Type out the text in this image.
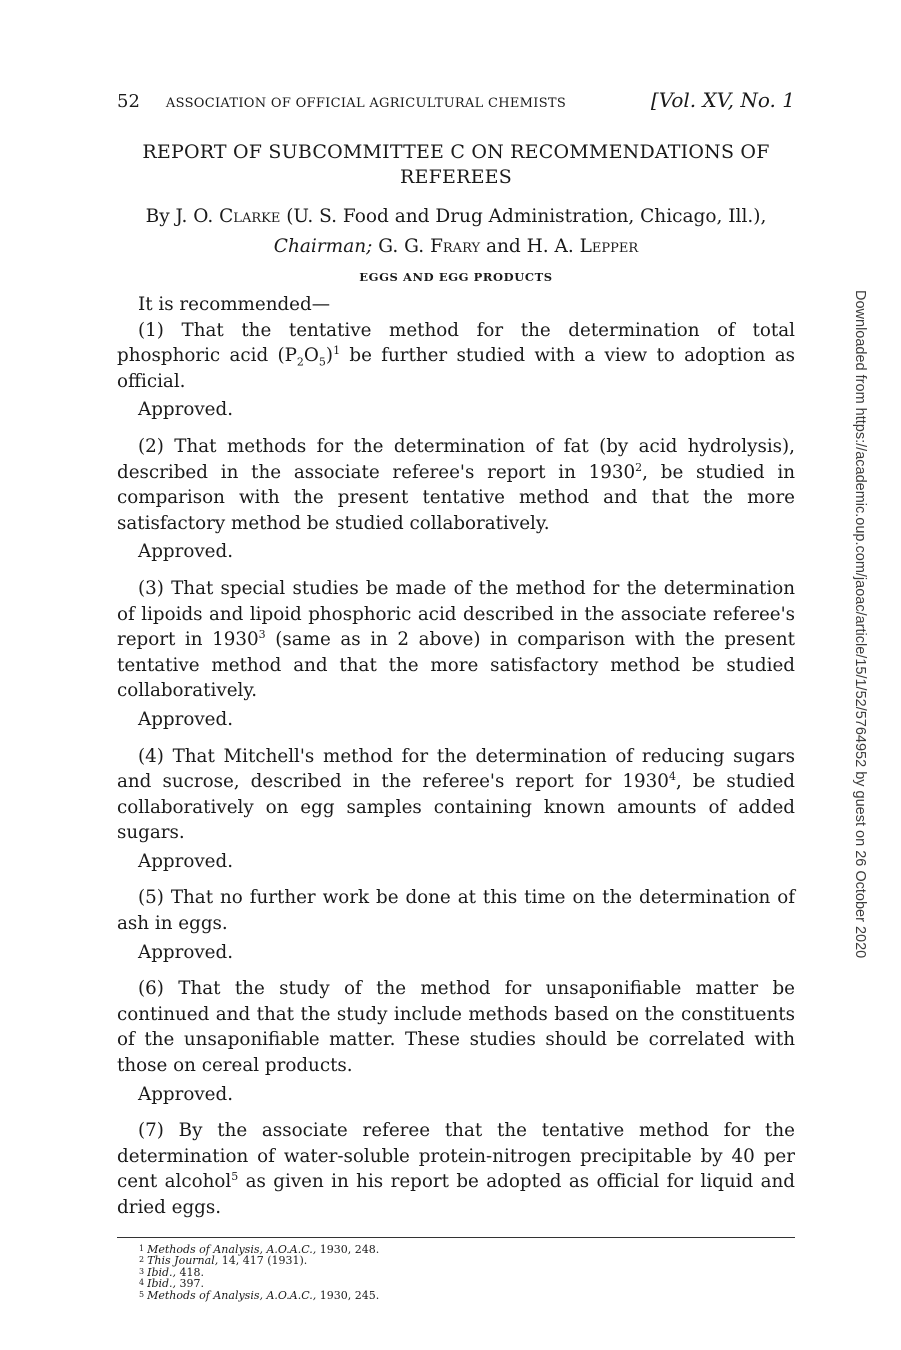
52 ASSOCIATION OF OFFICIAL AGRICULTURAL CHEMISTS	[Vol. XV, No. 1
REPORT OF SUBCOMMITTEE C ON RECOMMENDATIONS OF
REFEREES
By J. O. Clarke (U. S. Food and Drug Administration, Chicago, Ill.),
Chairman; G. G. Frary and H. A. Lepper
EGGS AND EGG PRODUCTS

It is recommended—

(1) That the tentative method for the determination of total phosphoric acid $(P_2O_5)^1$ be further studied with a view to adoption as official.

Approved.

(2) That methods for the determination of fat (by acid hydrolysis), described in the associate referee's report in 1930$^2$, be studied in comparison with the present tentative method and that the more satisfactory method be studied collaboratively.

Approved.

(3) That special studies be made of the method for the determination of lipoids and lipoid phosphoric acid described in the associate referee's report in 1930$^3$ (same as in 2 above) in comparison with the present tentative method and that the more satisfactory method be studied collaboratively.

Approved.

(4) That Mitchell's method for the determination of reducing sugars and sucrose, described in the referee's report for 1930$^4$, be studied collaboratively on egg samples containing known amounts of added sugars.

Approved.

(5) That no further work be done at this time on the determination of ash in eggs.

Approved.

(6) That the study of the method for unsaponifiable matter be continued and that the study include methods based on the constituents of the unsaponifiable matter. These studies should be correlated with those on cereal products.

Approved.

(7) By the associate referee that the tentative method for the determination of water-soluble protein-nitrogen precipitable by 40 per cent alcohol$^5$ as given in his report be adopted as official for liquid and dried eggs.

$^1$ Methods of Analysis, A.O.A.C., 1930, 248.
$^2$ This Journal, 14, 417 (1931).
$^3$ Ibid., 418.
$^4$ Ibid., 397.
$^5$ Methods of Analysis, A.O.A.C., 1930, 245.
Downloaded from https://academic.oup.com/jaoac/article/15/1/52/5764952 by guest on 26 October 2020
